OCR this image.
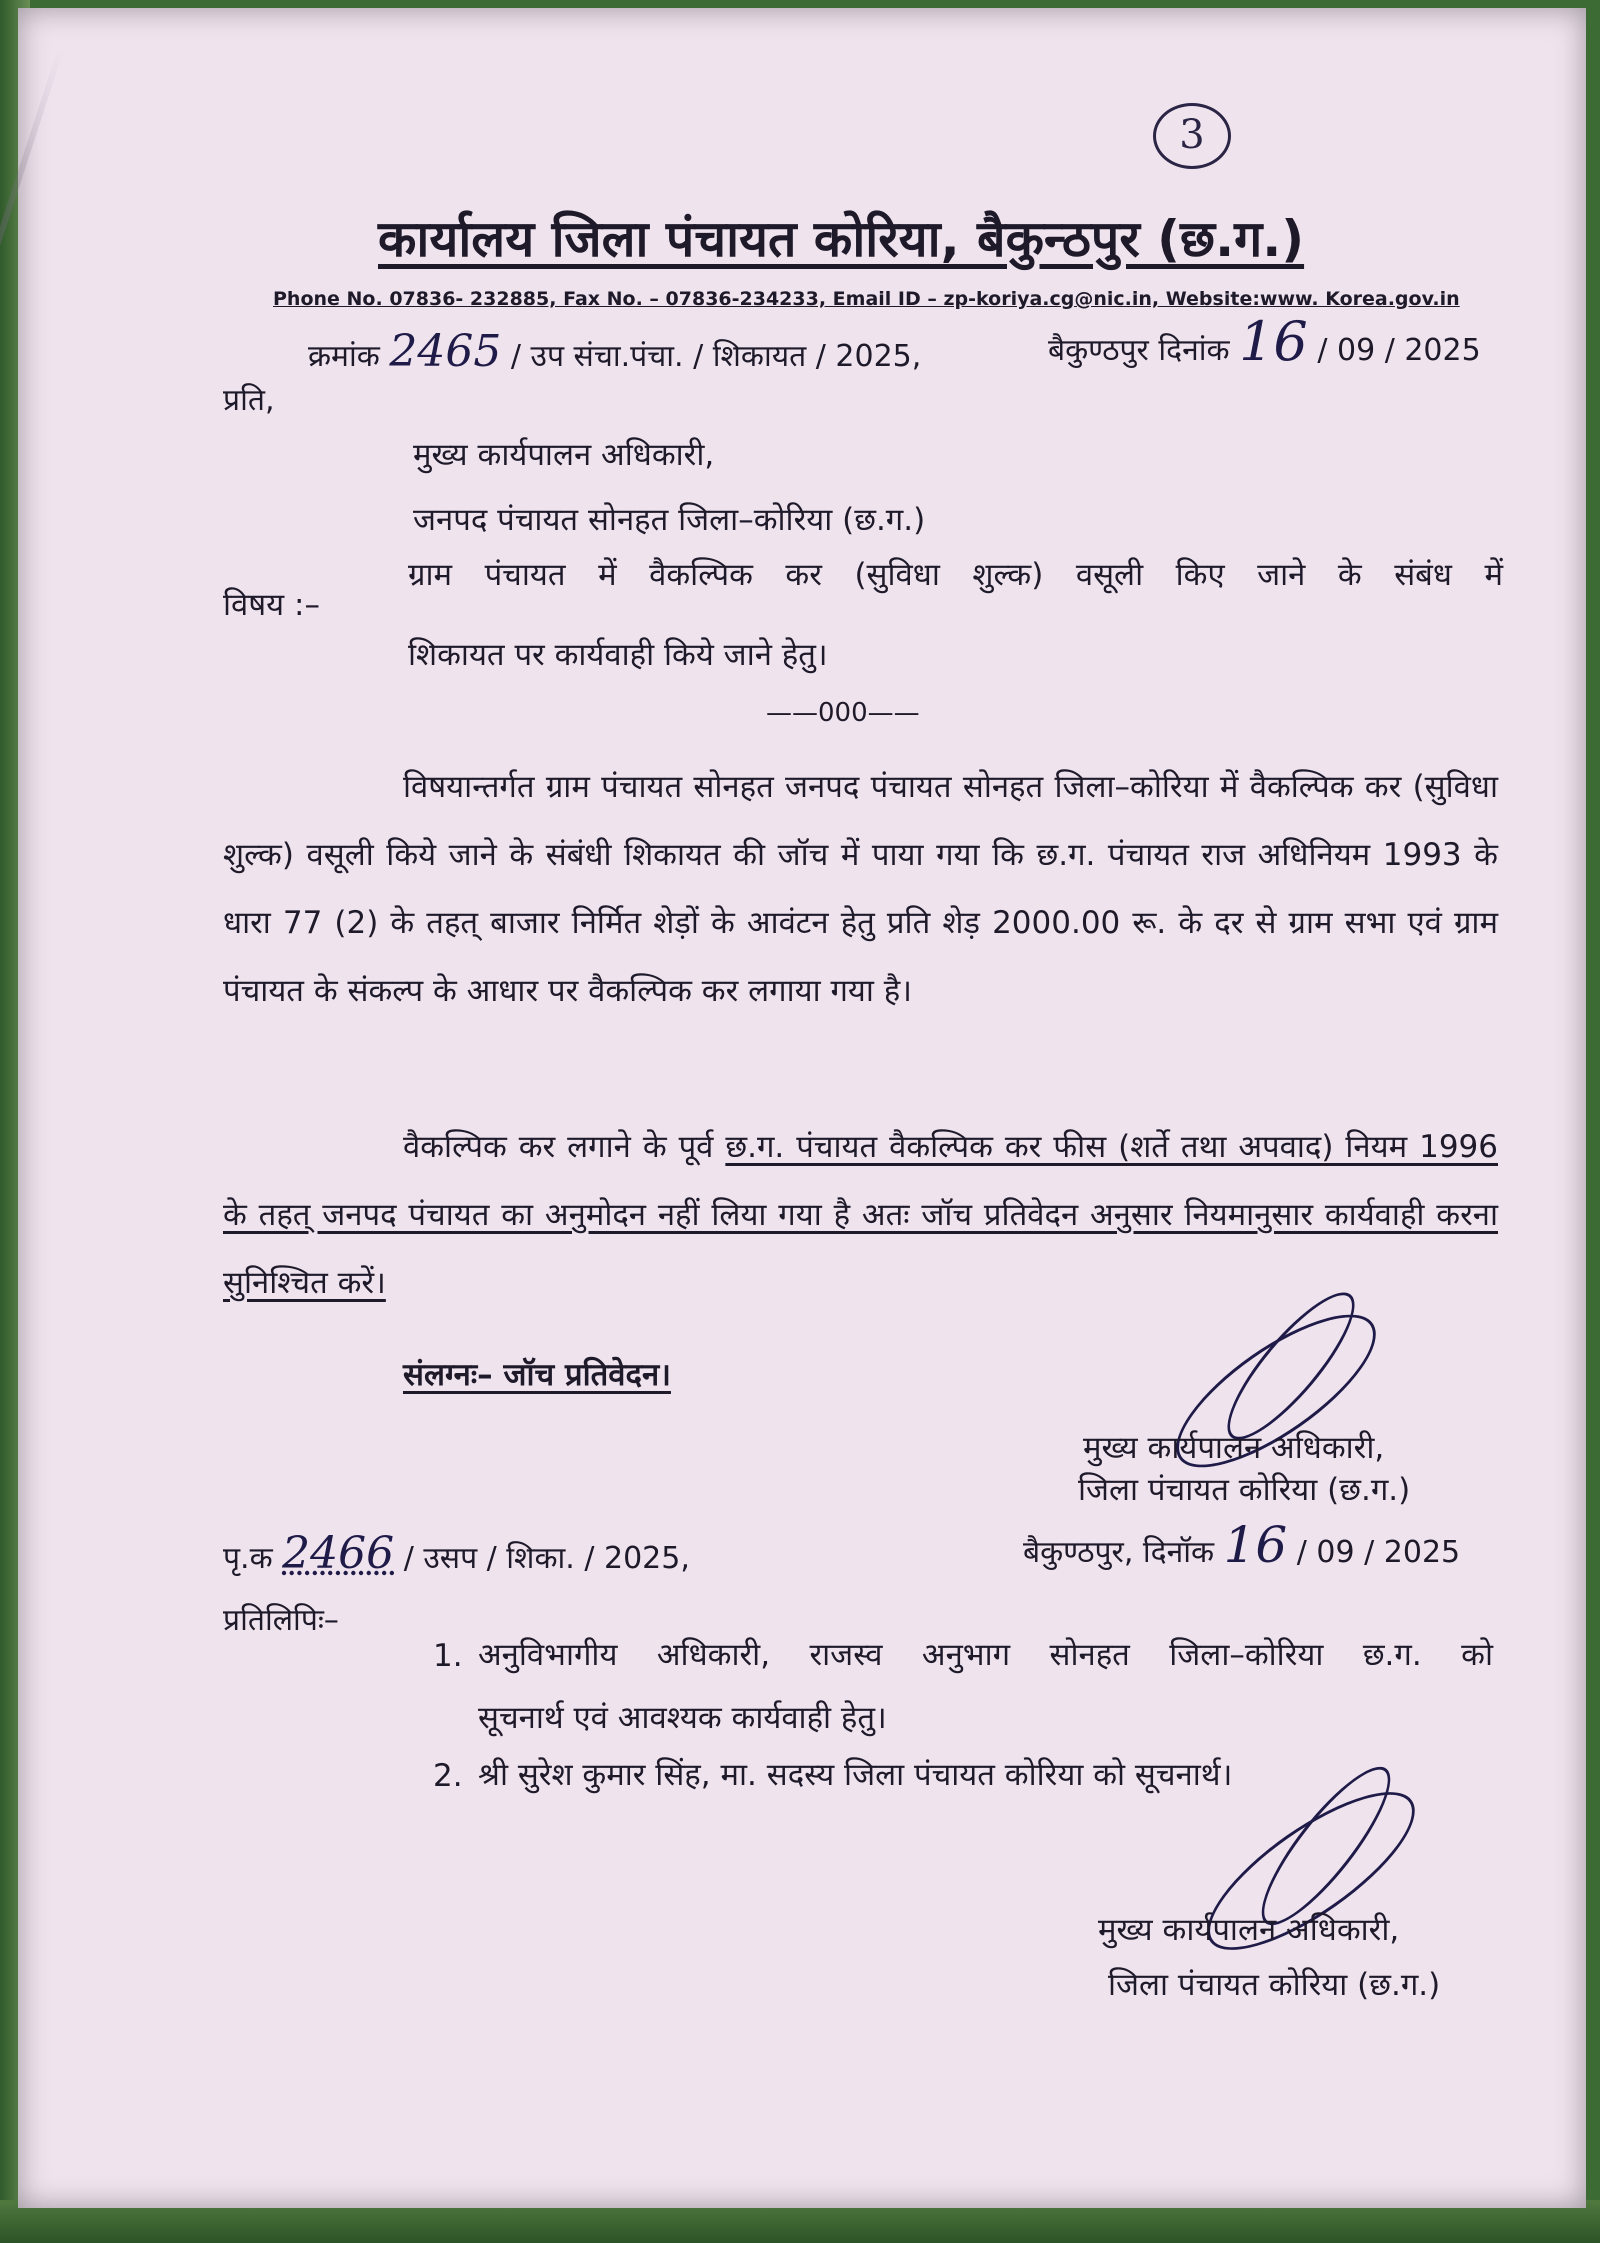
3
कार्यालय जिला पंचायत कोरिया, बैकुन्ठपुर (छ.ग.)
Phone No. 07836- 232885, Fax No. – 07836-234233, Email ID – zp-koriya.cg@nic.in, Website:www. Korea.gov.in
क्रमांक 2465 / उप संचा.पंचा. / शिकायत / 2025,	बैकुण्ठपुर दिनांक 16 / 09 / 2025
प्रति,
मुख्य कार्यपालन अधिकारी,
जनपद पंचायत सोनहत जिला–कोरिया (छ.ग.)
विषय :–
ग्राम पंचायत में वैकल्पिक कर (सुविधा शुल्क) वसूली किए जाने के संबंध में
शिकायत पर कार्यवाही किये जाने हेतु।
——000——
विषयान्तर्गत ग्राम पंचायत सोनहत जनपद पंचायत सोनहत जिला–कोरिया में वैकल्पिक कर (सुविधा शुल्क) वसूली किये जाने के संबंधी शिकायत की जॉच में पाया गया कि छ.ग. पंचायत राज अधिनियम 1993 के धारा 77 (2) के तहत् बाजार निर्मित शेड़ों के आवंटन हेतु प्रति शेड़ 2000.00 रू. के दर से ग्राम सभा एवं ग्राम पंचायत के संकल्प के आधार पर वैकल्पिक कर लगाया गया है।
वैकल्पिक कर लगाने के पूर्व छ.ग. पंचायत वैकल्पिक कर फीस (शर्ते तथा अपवाद) नियम 1996 के तहत् जनपद पंचायत का अनुमोदन नहीं लिया गया है अतः जॉच प्रतिवेदन अनुसार नियमानुसार कार्यवाही करना सुनिश्चित करें।
संलग्नः– जॉच प्रतिवेदन।
मुख्य कार्यपालन अधिकारी,
जिला पंचायत कोरिया (छ.ग.)
बैकुण्ठपुर, दिनॉक 16 / 09 / 2025
पृ.क 2466 / उसप / शिका. / 2025,
प्रतिलिपिः–
1. अनुविभागीय अधिकारी, राजस्व अनुभाग सोनहत जिला–कोरिया छ.ग. को
सूचनार्थ एवं आवश्यक कार्यवाही हेतु।
2. श्री सुरेश कुमार सिंह, मा. सदस्य जिला पंचायत कोरिया को सूचनार्थ।
मुख्य कार्यपालन अधिकारी,
जिला पंचायत कोरिया (छ.ग.)
